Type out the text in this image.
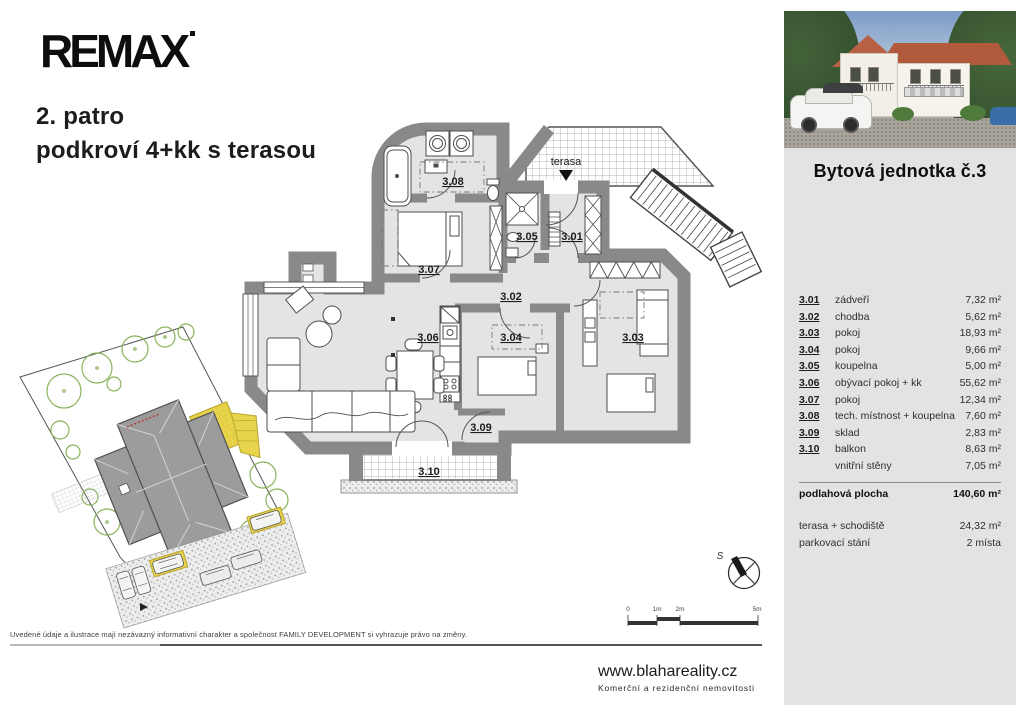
REMAX
2. patro
podkroví 4+kk s terasou	terasa
3.01
3.02
3.03
3.04
3.05
3.06
3.07
3.08
3.09
3.10
0	1m 2m	5m
S
Uvedené údaje a ilustrace mají nezávazný informativní charakter a společnost FAMILY DEVELOPMENT si vyhrazuje právo na změny.
www.blahareality.cz
Komerční a rezidenční nemovitosti
Bytová jednotka č.3
3.01	zádveří	7,32 m²
3.02	chodba	5,62 m²
3.03	pokoj	18,93 m²
3.04	pokoj	9,66 m²
3.05	koupelna	5,00 m²
3.06	obývací pokoj + kk	55,62 m²
3.07	pokoj	12,34 m²
3.08	tech. místnost + koupelna 7,60 m²
3.09	sklad	2,83 m²
3.10	balkon	8,63 m²
vnitřní stěny	7,05 m²
podlahová plocha	140,60 m²
terasa + schodiště	24,32 m²
parkovací stání	2 místa
